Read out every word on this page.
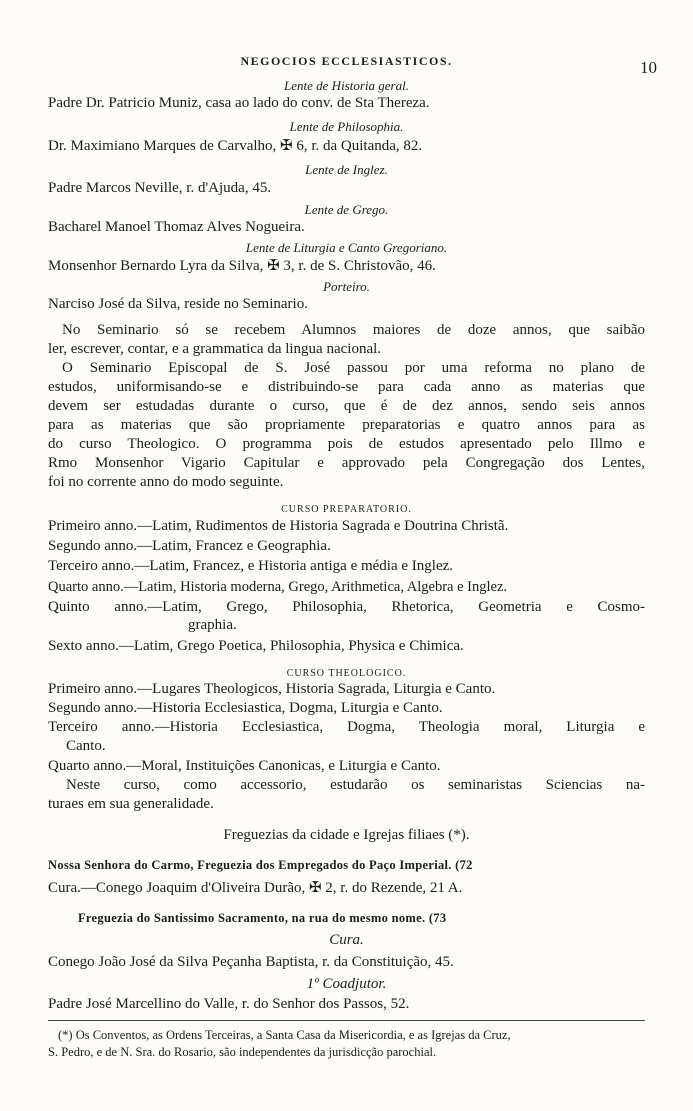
NEGOCIOS ECCLESIASTICOS.	10
Lente de Historia geral.
Padre Dr. Patricio Muniz, casa ao lado do conv. de Sta Thereza.
Lente de Philosophia.
Dr. Maximiano Marques de Carvalho, ✠ 6, r. da Quitanda, 82.
Lente de Inglez.
Padre Marcos Neville, r. d'Ajuda, 45.
Lente de Grego.
Bacharel Manoel Thomaz Alves Nogueira.
Lente de Liturgia e Canto Gregoriano.
Monsenhor Bernardo Lyra da Silva, ✠ 3, r. de S. Christovão, 46.
Porteiro.
Narciso José da Silva, reside no Seminario.
No Seminario só se recebem Alumnos maiores de doze annos, que saibão
ler, escrever, contar, e a grammatica da lingua nacional.
O Seminario Episcopal de S. José passou por uma reforma no plano de
estudos, uniformisando-se e distribuindo-se para cada anno as materias que
devem ser estudadas durante o curso, que é de dez annos, sendo seis annos
para as materias que são propriamente preparatorias e quatro annos para as
do curso Theologico. O programma pois de estudos apresentado pelo Illmo e
Rmo Monsenhor Vigario Capitular e approvado pela Congregação dos Lentes,
foi no corrente anno do modo seguinte.
CURSO PREPARATORIO.
Primeiro anno.—Latim, Rudimentos de Historia Sagrada e Doutrina Christã.
Segundo anno.—Latim, Francez e Geographia.
Terceiro anno.—Latim, Francez, e Historia antiga e média e Inglez.
Quarto anno.—Latim, Historia moderna, Grego, Arithmetica, Algebra e Inglez.
Quinto anno.—Latim, Grego, Philosophia, Rhetorica, Geometria e Cosmo-
graphia.
Sexto anno.—Latim, Grego Poetica, Philosophia, Physica e Chimica.
CURSO THEOLOGICO.
Primeiro anno.—Lugares Theologicos, Historia Sagrada, Liturgia e Canto.
Segundo anno.—Historia Ecclesiastica, Dogma, Liturgia e Canto.
Terceiro anno.—Historia Ecclesiastica, Dogma, Theologia moral, Liturgia e
Canto.
Quarto anno.—Moral, Instituições Canonicas, e Liturgia e Canto.
Neste curso, como accessorio, estudarão os seminaristas Sciencias na-
turaes em sua generalidade.
Freguezias da cidade e Igrejas filiaes (*).
Nossa Senhora do Carmo, Freguezia dos Empregados do Paço Imperial. (72
Cura.—Conego Joaquim d'Oliveira Durão, ✠ 2, r. do Rezende, 21 A.
Freguezia do Santissimo Sacramento, na rua do mesmo nome. (73
Cura.
Conego João José da Silva Peçanha Baptista, r. da Constituição, 45.
1º Coadjutor.
Padre José Marcellino do Valle, r. do Senhor dos Passos, 52.
(*) Os Conventos, as Ordens Terceiras, a Santa Casa da Misericordia, e as Igrejas da Cruz,
S. Pedro, e de N. Sra. do Rosario, são independentes da jurisdicção parochial.
